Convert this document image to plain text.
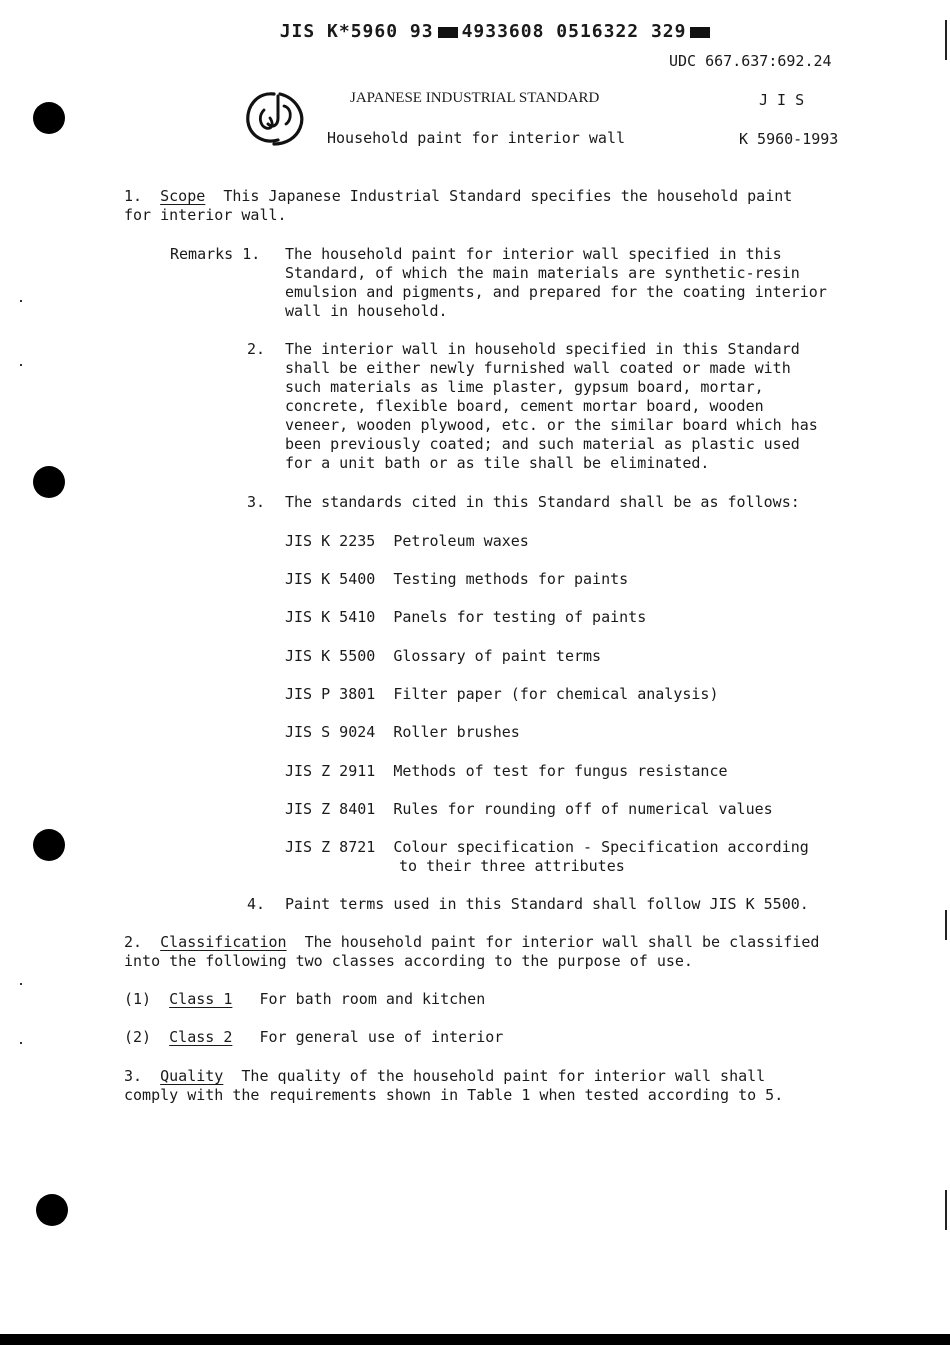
JIS K*5960 93 4933608 0516322 329

UDC 667.637:692.24
JAPANESE INDUSTRIAL STANDARD	J I S
Household paint for interior wall	K 5960-1993
1. Scope This Japanese Industrial Standard specifies the household paint
for interior wall.
Remarks 1. The household paint for interior wall specified in this
Standard, of which the main materials are synthetic-resin
emulsion and pigments, and prepared for the coating interior
wall in household.
2. The interior wall in household specified in this Standard
shall be either newly furnished wall coated or made with
such materials as lime plaster, gypsum board, mortar,
concrete, flexible board, cement mortar board, wooden
veneer, wooden plywood, etc. or the similar board which has
been previously coated; and such material as plastic used
for a unit bath or as tile shall be eliminated.
3. The standards cited in this Standard shall be as follows:
JIS K 2235 Petroleum waxes
JIS K 5400 Testing methods for paints
JIS K 5410 Panels for testing of paints
JIS K 5500 Glossary of paint terms
JIS P 3801 Filter paper (for chemical analysis)
JIS S 9024 Roller brushes
JIS Z 2911 Methods of test for fungus resistance
JIS Z 8401 Rules for rounding off of numerical values
JIS Z 8721 Colour specification - Specification according
to their three attributes
4. Paint terms used in this Standard shall follow JIS K 5500.
2. Classification The household paint for interior wall shall be classified
into the following two classes according to the purpose of use.
(1) Class 1 For bath room and kitchen
(2) Class 2 For general use of interior
3. Quality The quality of the household paint for interior wall shall
comply with the requirements shown in Table 1 when tested according to 5.
